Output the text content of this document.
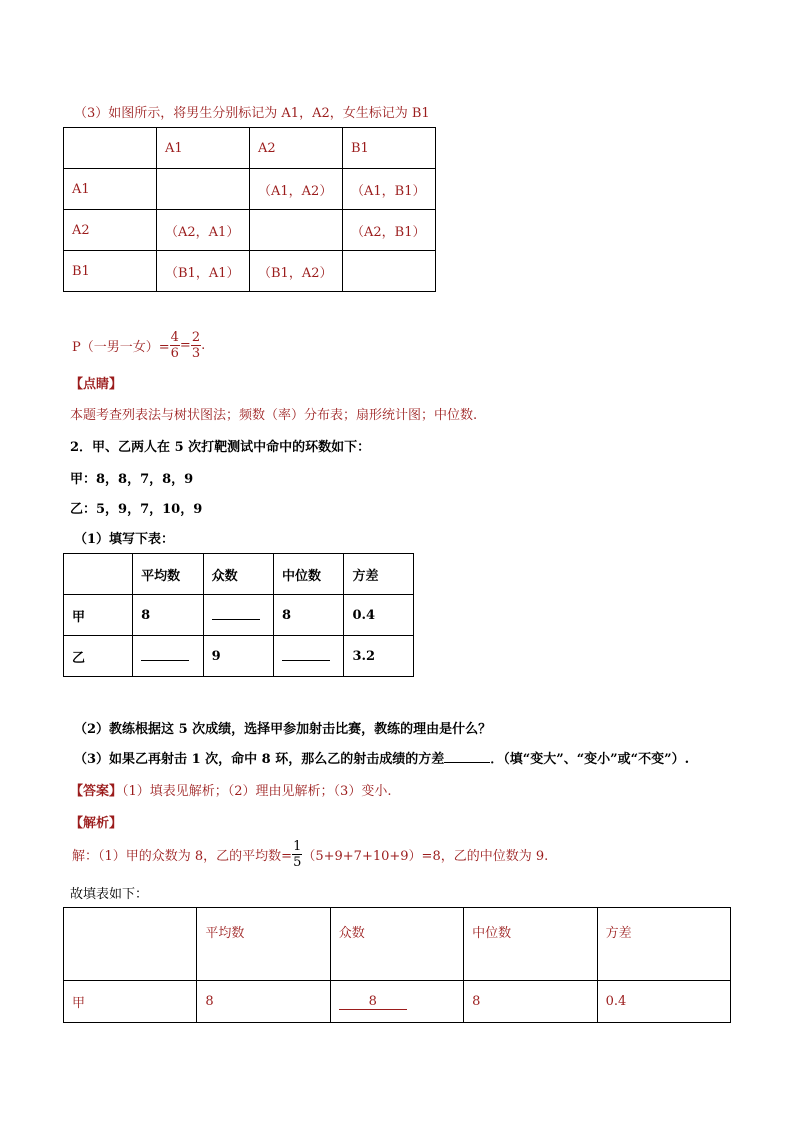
（3）如图所示，将男生分别标记为 A1，A2，女生标记为 B1
	A1	A2	B1
A1		（A1，A2）	（A1，B1）
A2	（A2，A1）		（A2，B1）
B1	（B1，A1）	（B1，A2）	
P（一男一女）= $\frac{4}{6} = \frac{2}{3}$ .
【点睛】
本题考查列表法与树状图法；频数（率）分布表；扇形统计图；中位数.
2．甲、乙两人在 5 次打靶测试中命中的环数如下：
甲：8，8，7，8，9
乙：5，9，7，10，9
（1）填写下表：
	平均数	众数	中位数	方差
甲	8		8	0.4
乙		9		3.2
（2）教练根据这 5 次成绩，选择甲参加射击比赛，教练的理由是什么？
（3）如果乙再射击 1 次，命中 8 环，那么乙的射击成绩的方差	．（填“变大”、“变小”或“不变”）.
【答案】（1）填表见解析；（2）理由见解析；（3）变小.
【解析】
解：（1）甲的众数为 8，乙的平均数= $\frac{1}{5} (5+9+7+10+9)=8$，乙的中位数为 9.
故填表如下：
	平均数	众数	中位数	方差
甲	8	8	8	0.4
